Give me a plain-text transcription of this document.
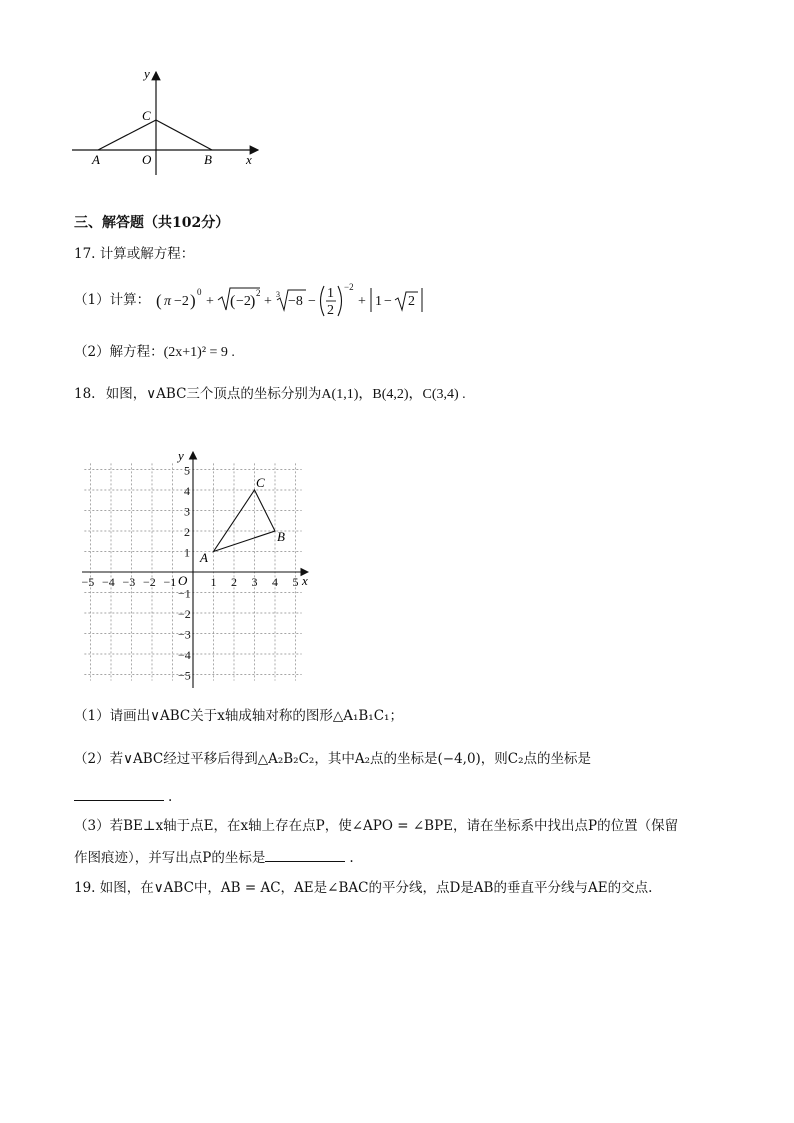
y
C
A	O	B	x
三、解答题（共102分）
17. 计算或解方程：
（1）计算： ( π −2 ) 0
+ ( −2 ) 2
+ 3 −8 −
1
2
−2
+ 1 − 2
（2）解方程：(2x+1)² = 9 .
18. 如图，∨ABC三个顶点的坐标分别为A(1,1)，B(4,2)，C(3,4) .
−5 −4 −3 −2 −1	1 2 3 4 5
5
4
3
2
1
−1
−2
−3
−4
−5
y
x
O
A
B
C
（1）请画出∨ABC关于x轴成轴对称的图形△A₁B₁C₁；
（2）若∨ABC经过平移后得到△A₂B₂C₂，其中A₂点的坐标是(−4,0)，则C₂点的坐标是
.
（3）若BE⊥x轴于点E，在x轴上存在点P，使∠APO = ∠BPE，请在坐标系中找出点P的位置（保留
作图痕迹），并写出点P的坐标是	.
19. 如图，在∨ABC中，AB = AC，AE是∠BAC的平分线，点D是AB的垂直平分线与AE的交点.
